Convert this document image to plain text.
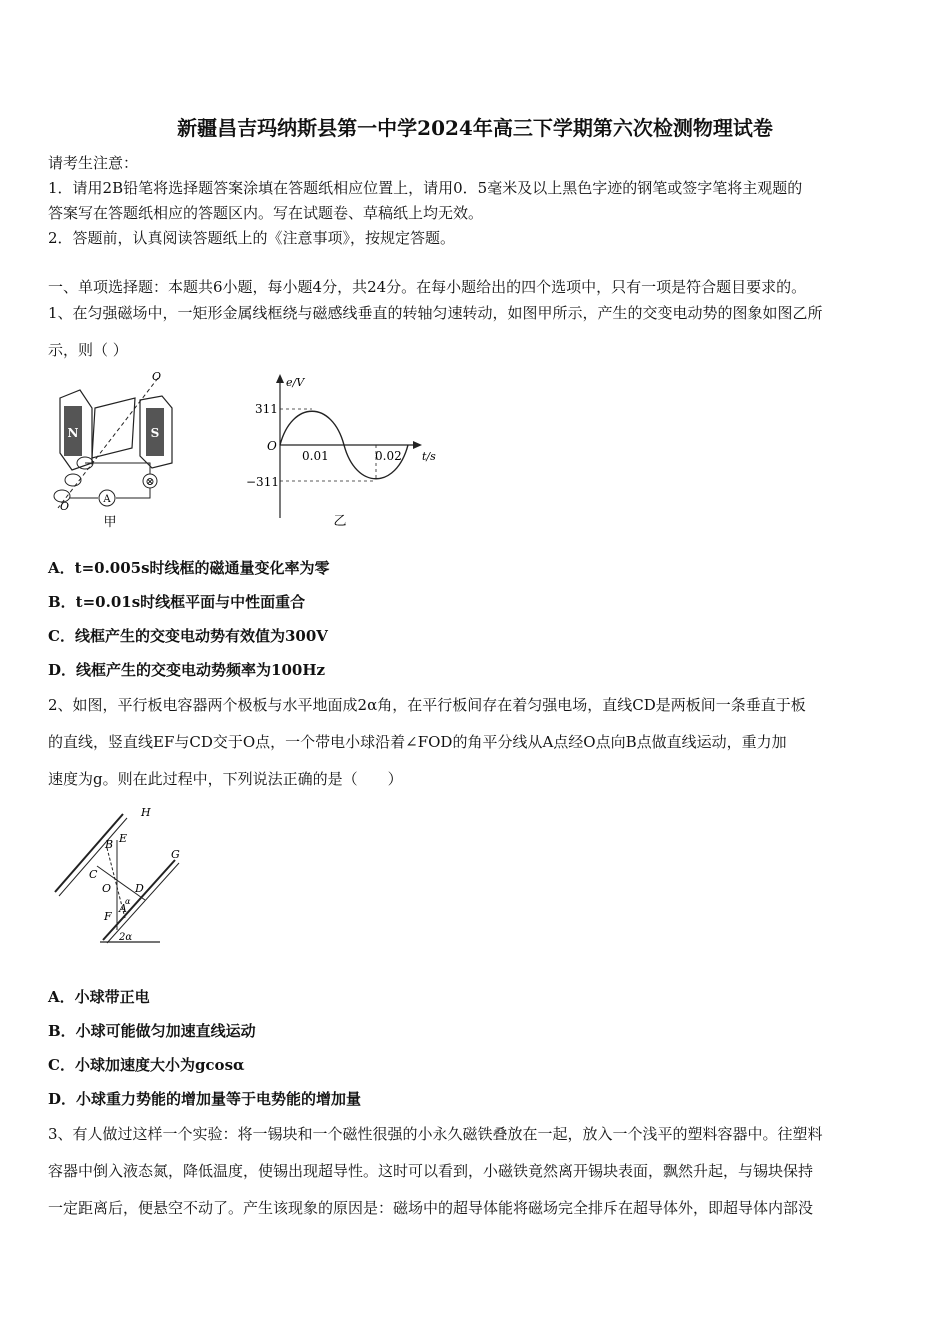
新疆昌吉玛纳斯县第一中学2024年高三下学期第六次检测物理试卷
请考生注意：
1．请用2B铅笔将选择题答案涂填在答题纸相应位置上，请用0．5毫米及以上黑色字迹的钢笔或签字笔将主观题的
答案写在答题纸相应的答题区内。写在试题卷、草稿纸上均无效。
2．答题前，认真阅读答题纸上的《注意事项》，按规定答题。
一、单项选择题：本题共6小题，每小题4分，共24分。在每小题给出的四个选项中，只有一项是符合题目要求的。
1、在匀强磁场中，一矩形金属线框绕与磁感线垂直的转轴匀速转动，如图甲所示，产生的交变电动势的图象如图乙所
示，则（ ）
N	S
O
O
A
⊗
甲
e/V
t/s
311
−311
O
0.01	0.02
乙
A．t=0.005s时线框的磁通量变化率为零
B．t=0.01s时线框平面与中性面重合
C．线框产生的交变电动势有效值为300V
D．线框产生的交变电动势频率为100Hz
2、如图，平行板电容器两个极板与水平地面成2α角，在平行板间存在着匀强电场，直线CD是两板间一条垂直于板
的直线，竖直线EF与CD交于O点，一个带电小球沿着∠FOD的角平分线从A点经O点向B点做直线运动，重力加
速度为g。则在此过程中，下列说法正确的是（　　）
H
E
B
C
O D
A
F
G
α
2α
A．小球带正电
B．小球可能做匀加速直线运动
C．小球加速度大小为gcosα
D．小球重力势能的增加量等于电势能的增加量
3、有人做过这样一个实验：将一锡块和一个磁性很强的小永久磁铁叠放在一起，放入一个浅平的塑料容器中。往塑料
容器中倒入液态氮，降低温度，使锡出现超导性。这时可以看到，小磁铁竟然离开锡块表面，飘然升起，与锡块保持
一定距离后，便悬空不动了。产生该现象的原因是：磁场中的超导体能将磁场完全排斥在超导体外，即超导体内部没
